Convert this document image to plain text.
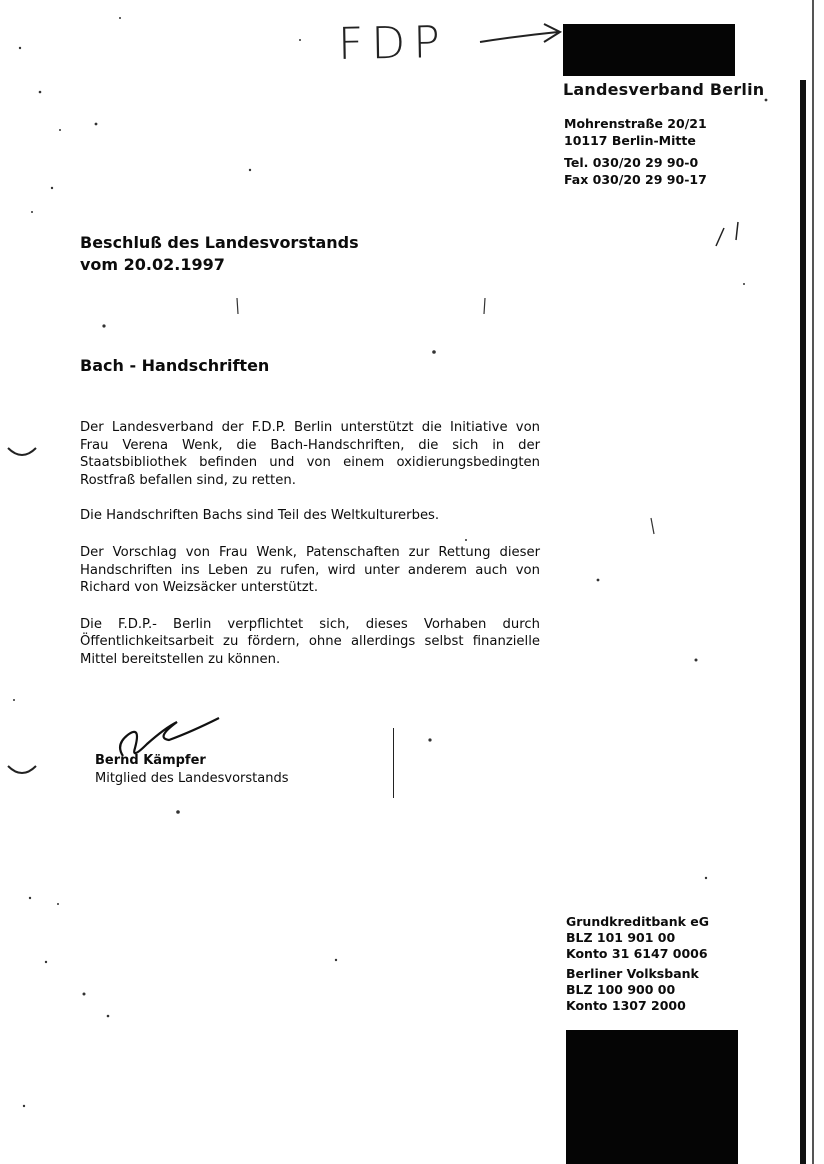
FDP
Landesverband Berlin
Mohrenstraße 20/21
10117 Berlin-Mitte
Tel. 030/20 29 90-0
Fax 030/20 29 90-17
Beschluß des Landesvorstands
vom 20.02.1997
Bach - Handschriften

Der Landesverband der F.D.P. Berlin unterstützt die Initiative von Frau Verena Wenk, die Bach-Handschriften, die sich in der Staatsbibliothek befinden und von einem oxidierungsbedingten Rostfraß befallen sind, zu retten.

Die Handschriften Bachs sind Teil des Weltkulturerbes.

Der Vorschlag von Frau Wenk, Patenschaften zur Rettung dieser Handschriften ins Leben zu rufen, wird unter anderem auch von Richard von Weizsäcker unterstützt.

Die F.D.P.- Berlin verpflichtet sich, dieses Vorhaben durch Öffentlichkeitsarbeit zu fördern, ohne allerdings selbst finanzielle Mittel bereitstellen zu können.

Bernd Kämpfer
Mitglied des Landesvorstands
Grundkreditbank eG
BLZ 101 901 00
Konto 31 6147 0006
Berliner Volksbank
BLZ 100 900 00
Konto 1307 2000
